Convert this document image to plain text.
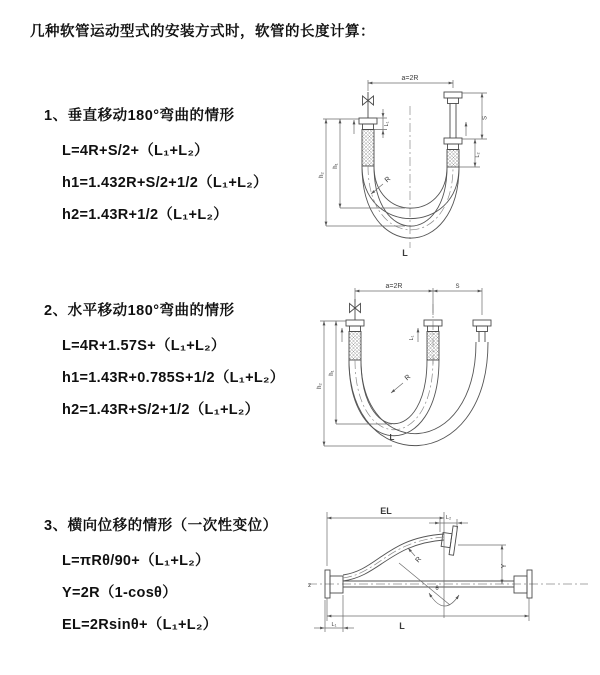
几种软管运动型式的安装方式时，软管的长度计算：
1、垂直移动180°弯曲的情形
L=4R+S/2+（L₁+L₂）
h1=1.432R+S/2+1/2（L₁+L₂）
h2=1.43R+1/2（L₁+L₂）
2、水平移动180°弯曲的情形
L=4R+1.57S+（L₁+L₂）
h1=1.43R+0.785S+1/2（L₁+L₂）
h2=1.43R+S/2+1/2（L₁+L₂）
3、横向位移的情形（一次性变位）
L=πRθ/90+（L₁+L₂）
Y=2R（1-cosθ）
EL=2Rsinθ+（L₁+L₂）
a=2R
R
h₁
h₂
S
L₂
L₁
L
a=2R	S
L₁
R
h₁
h₂
L
z	θ
R
EL
L₂
Y
L
L₁
